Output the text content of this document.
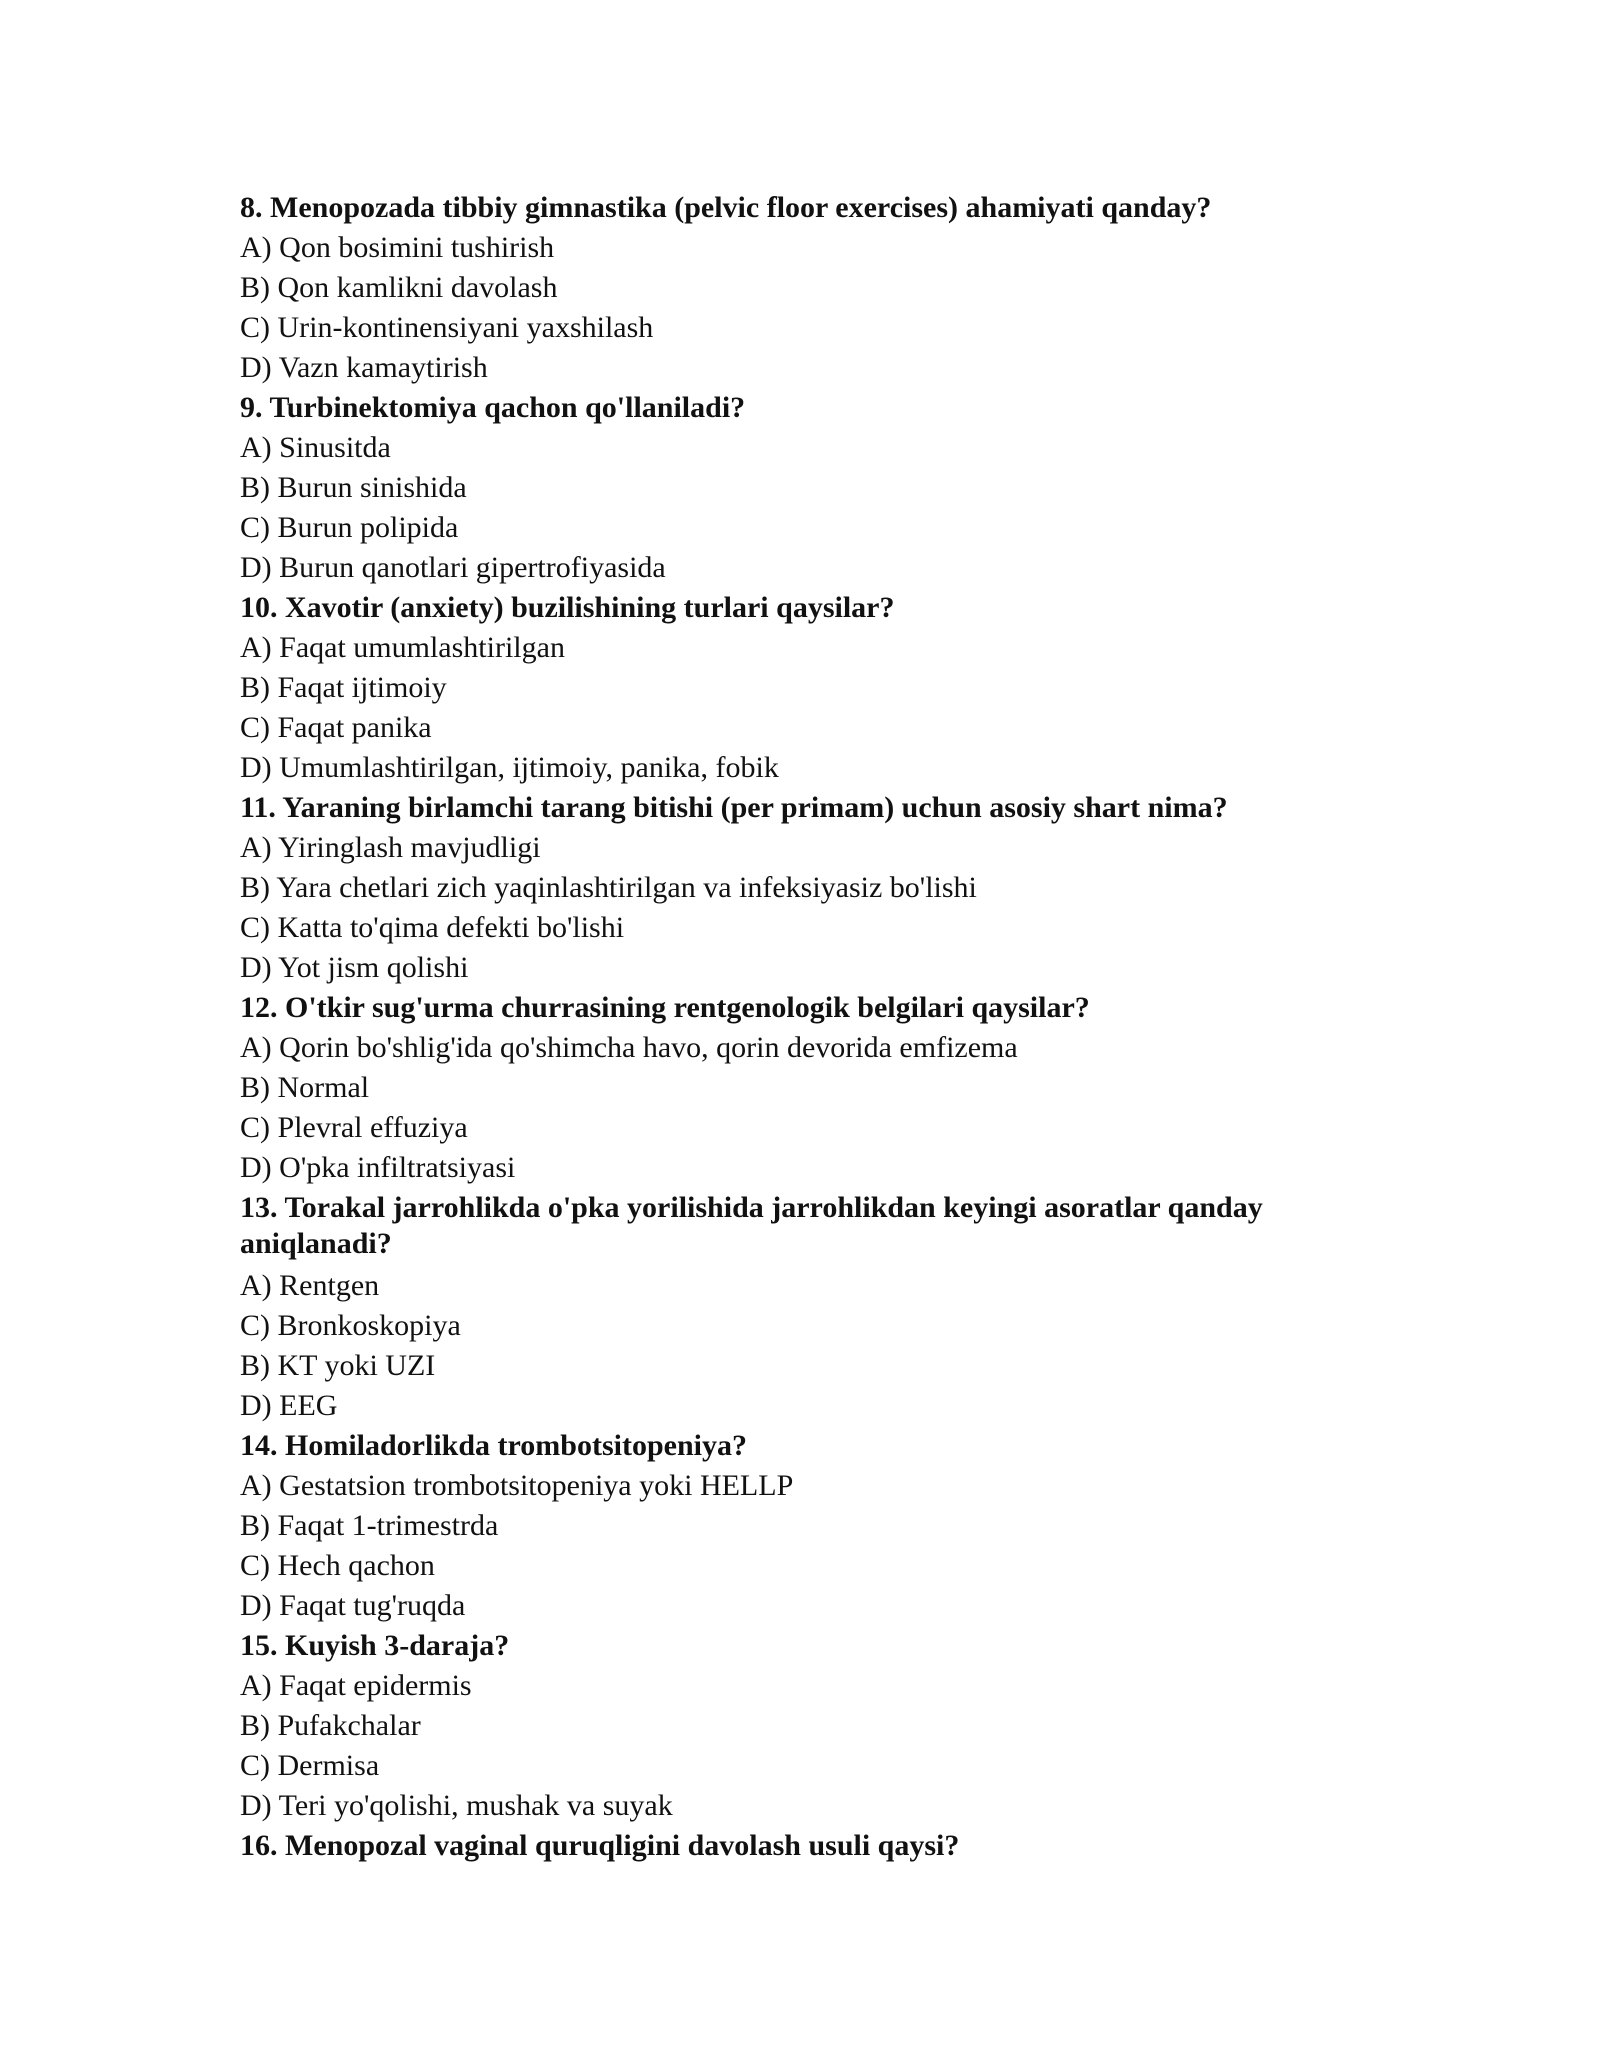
8. Menopozada tibbiy gimnastika (pelvic floor exercises) ahamiyati qanday?
A) Qon bosimini tushirish
B) Qon kamlikni davolash
C) Urin-kontinensiyani yaxshilash
D) Vazn kamaytirish
9. Turbinektomiya qachon qo'llaniladi?
A) Sinusitda
B) Burun sinishida
C) Burun polipida
D) Burun qanotlari gipertrofiyasida
10. Xavotir (anxiety) buzilishining turlari qaysilar?
A) Faqat umumlashtirilgan
B) Faqat ijtimoiy
C) Faqat panika
D) Umumlashtirilgan, ijtimoiy, panika, fobik
11. Yaraning birlamchi tarang bitishi (per primam) uchun asosiy shart nima?
A) Yiringlash mavjudligi
B) Yara chetlari zich yaqinlashtirilgan va infeksiyasiz bo'lishi
C) Katta to'qima defekti bo'lishi
D) Yot jism qolishi
12. O'tkir sug'urma churrasining rentgenologik belgilari qaysilar?
A) Qorin bo'shlig'ida qo'shimcha havo, qorin devorida emfizema
B) Normal
C) Plevral effuziya
D) O'pka infiltratsiyasi
13. Torakal jarrohlikda o'pka yorilishida jarrohlikdan keyingi asoratlar qanday aniqlanadi?
A) Rentgen
C) Bronkoskopiya
B) KT yoki UZI
D) EEG
14. Homiladorlikda trombotsitopeniya?
A) Gestatsion trombotsitopeniya yoki HELLP
B) Faqat 1-trimestrda
C) Hech qachon
D) Faqat tug'ruqda
15. Kuyish 3-daraja?
A) Faqat epidermis
B) Pufakchalar
C) Dermisa
D) Teri yo'qolishi, mushak va suyak
16. Menopozal vaginal quruqligini davolash usuli qaysi?
